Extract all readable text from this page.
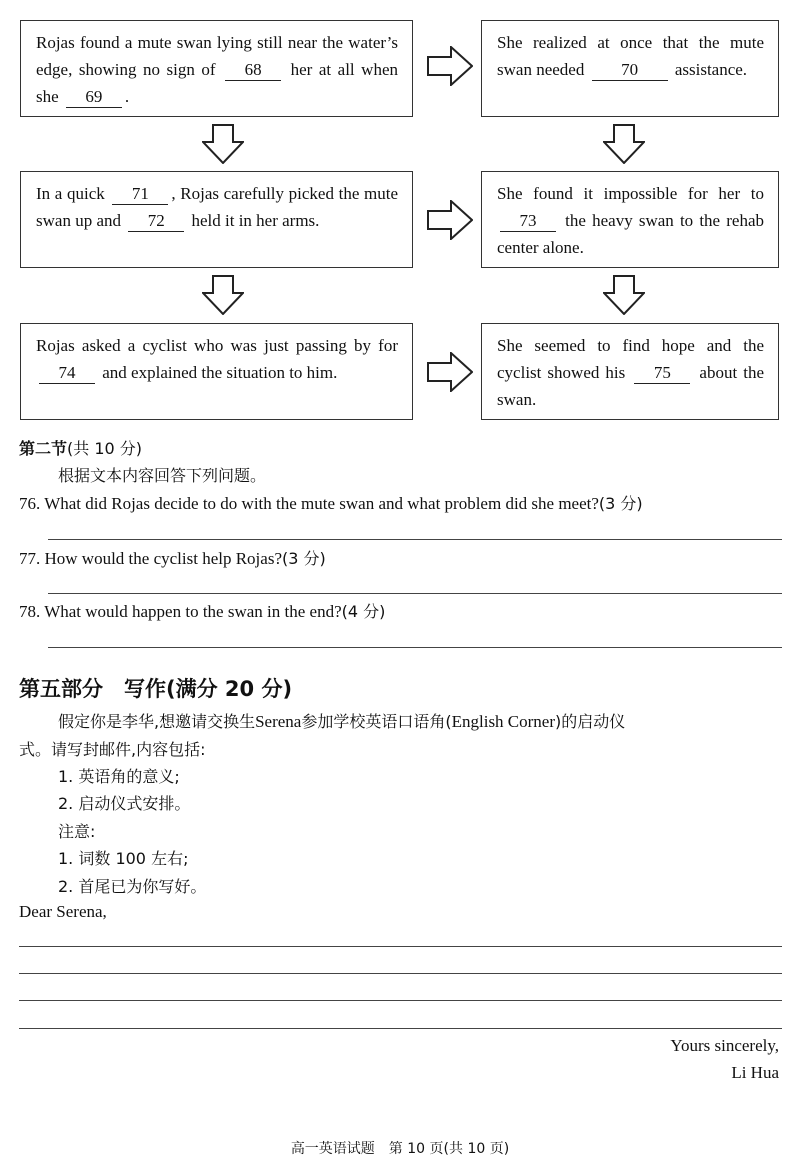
Rojas found a mute swan lying still near the water’s edge, showing no sign of 68 her at all when she 69 .

She realized at once that the mute swan needed 70 assistance.

In a quick 71 , Rojas carefully picked the mute swan up and 72 held it in her arms.

She found it impossible for her to 73 the heavy swan to the rehab center alone.

Rojas asked a cyclist who was just passing by for 74 and explained the situation to him.

She seemed to find hope and the cyclist showed his 75 about the swan.

第二节(共 10 分)
根据文本内容回答下列问题。
76. What did Rojas decide to do with the mute swan and what problem did she meet?(3 分)
77. How would the cyclist help Rojas?(3 分)
78. What would happen to the swan in the end?(4 分)
第五部分　写作(满分 20 分)
假定你是李华,想邀请交换生Serena参加学校英语口语角(English Corner)的启动仪
式。请写封邮件,内容包括:
1. 英语角的意义;
2. 启动仪式安排。
注意:
1. 词数 100 左右;
2. 首尾已为你写好。
Dear Serena,
Yours sincerely,
Li Hua
高一英语试题　第 10 页(共 10 页)
